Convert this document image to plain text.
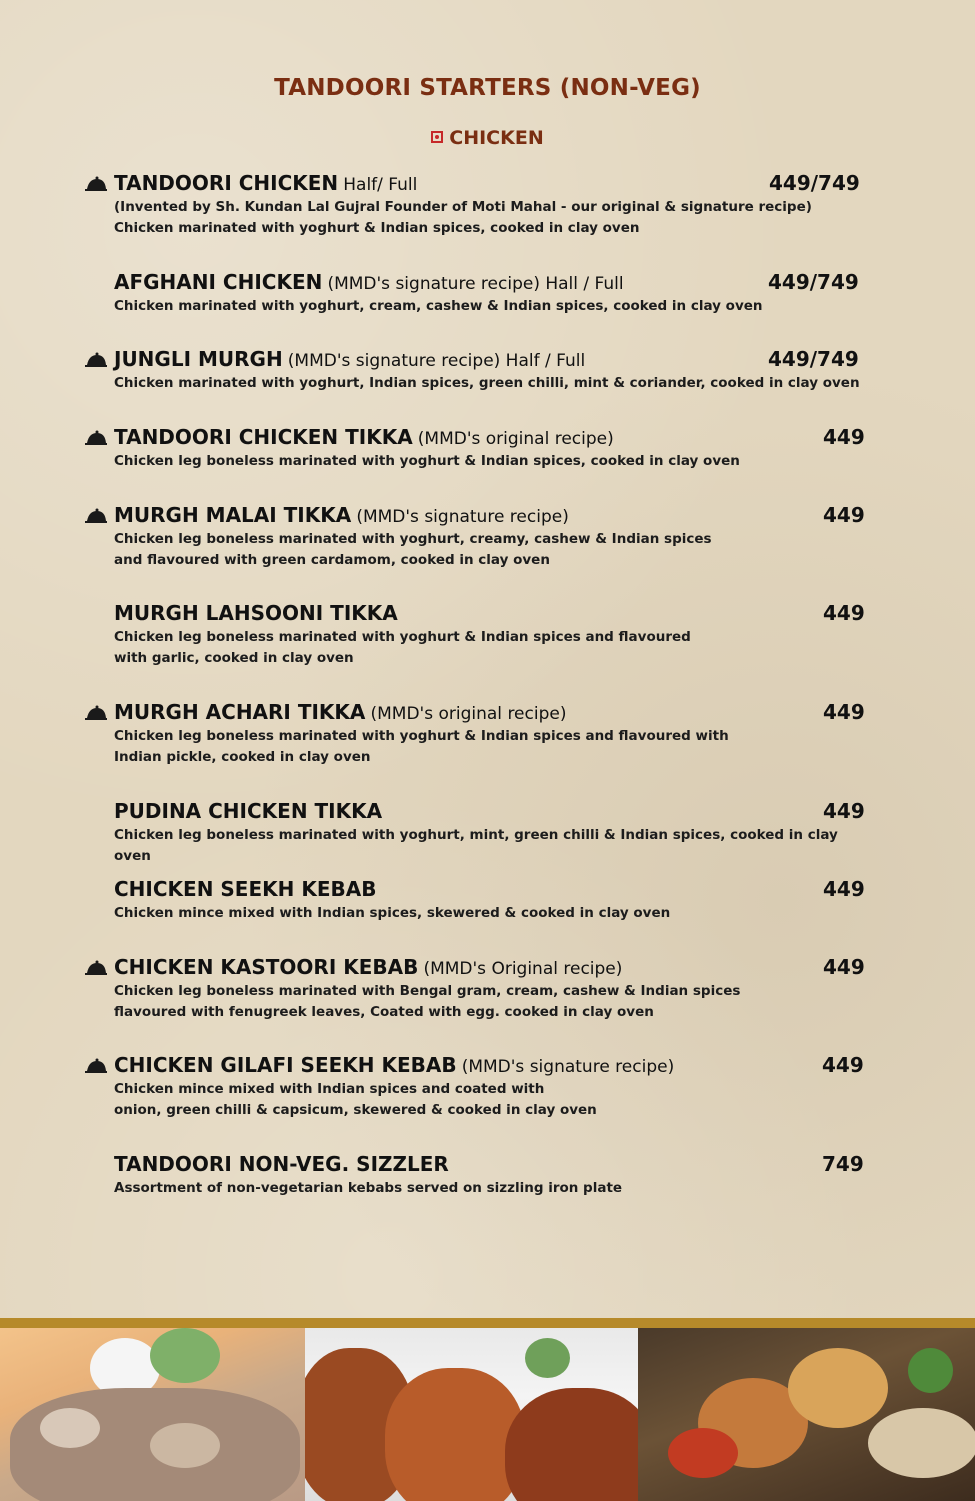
TANDOORI STARTERS (NON-VEG)
CHICKEN
TANDOORI CHICKEN Half/ Full	449/749
(Invented by Sh. Kundan Lal Gujral Founder of Moti Mahal - our original & signature recipe)
Chicken marinated with yoghurt & Indian spices, cooked in clay oven
AFGHANI CHICKEN (MMD's signature recipe) Hall / Full	449/749
Chicken marinated with yoghurt, cream, cashew & Indian spices, cooked in clay oven
JUNGLI MURGH (MMD's signature recipe) Half / Full	449/749
Chicken marinated with yoghurt, Indian spices, green chilli, mint & coriander, cooked in clay oven
TANDOORI CHICKEN TIKKA (MMD's original recipe)	449
Chicken leg boneless marinated with yoghurt & Indian spices, cooked in clay oven
MURGH MALAI TIKKA (MMD's signature recipe)	449
Chicken leg boneless marinated with yoghurt, creamy, cashew & Indian spices
and flavoured with green cardamom, cooked in clay oven
MURGH LAHSOONI TIKKA	449
Chicken leg boneless marinated with yoghurt & Indian spices and flavoured
with garlic, cooked in clay oven
MURGH ACHARI TIKKA (MMD's original recipe)	449
Chicken leg boneless marinated with yoghurt & Indian spices and flavoured with
Indian pickle, cooked in clay oven
PUDINA CHICKEN TIKKA	449
Chicken leg boneless marinated with yoghurt, mint, green chilli & Indian spices, cooked in clay oven
CHICKEN SEEKH KEBAB	449
Chicken mince mixed with Indian spices, skewered & cooked in clay oven
CHICKEN KASTOORI KEBAB (MMD's Original recipe)	449
Chicken leg boneless marinated with Bengal gram, cream, cashew & Indian spices
flavoured with fenugreek leaves, Coated with egg. cooked in clay oven
CHICKEN GILAFI SEEKH KEBAB (MMD's signature recipe)	449
Chicken mince mixed with Indian spices and coated with
onion, green chilli & capsicum, skewered & cooked in clay oven
TANDOORI NON-VEG. SIZZLER	749
Assortment of non-vegetarian kebabs served on sizzling iron plate
